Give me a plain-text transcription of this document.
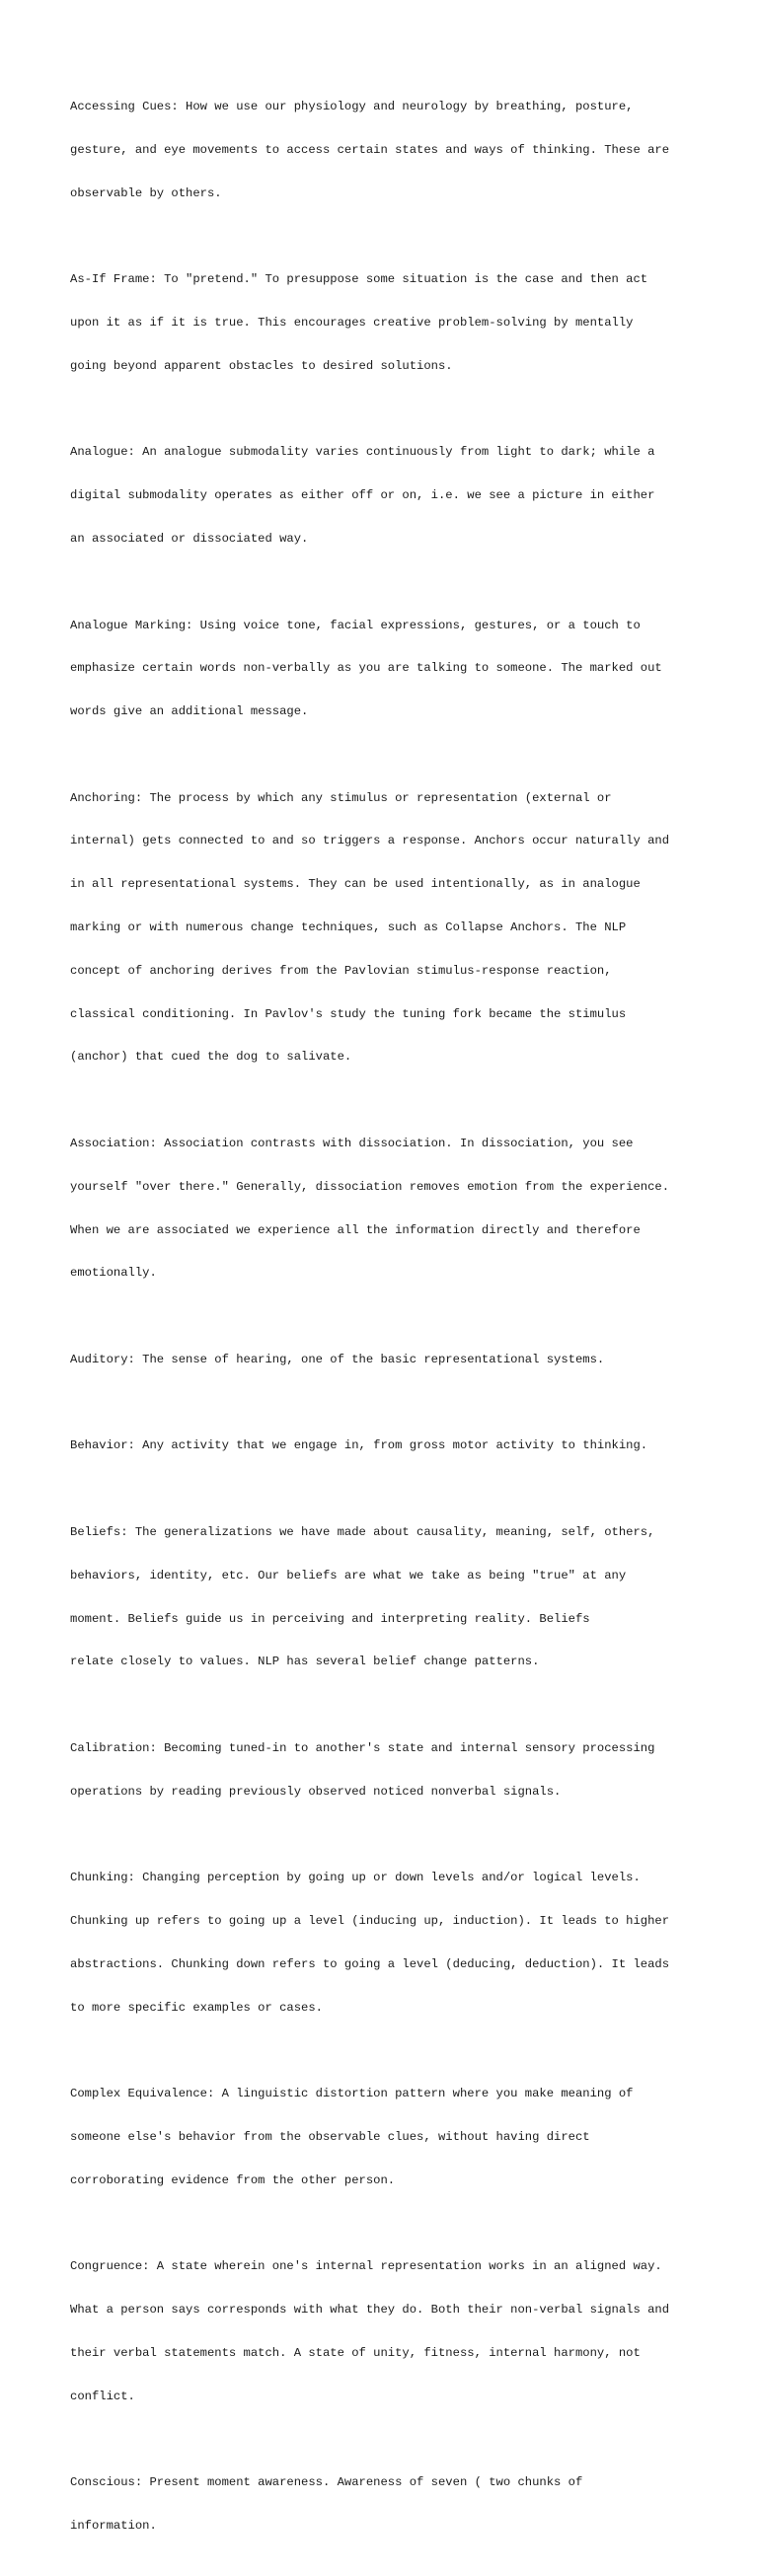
Accessing Cues: How we use our physiology and neurology by breathing, posture,

gesture, and eye movements to access certain states and ways of thinking. These are

observable by others.

As-If Frame: To "pretend." To presuppose some situation is the case and then act

upon it as if it is true. This encourages creative problem-solving by mentally

going beyond apparent obstacles to desired solutions.

Analogue: An analogue submodality varies continuously from light to dark; while a

digital submodality operates as either off or on, i.e. we see a picture in either

an associated or dissociated way.

Analogue Marking: Using voice tone, facial expressions, gestures, or a touch to

emphasize certain words non-verbally as you are talking to someone. The marked out

words give an additional message.

Anchoring: The process by which any stimulus or representation (external or

internal) gets connected to and so triggers a response. Anchors occur naturally and

in all representational systems. They can be used intentionally, as in analogue

marking or with numerous change techniques, such as Collapse Anchors. The NLP

concept of anchoring derives from the Pavlovian stimulus-response reaction,

classical conditioning. In Pavlov's study the tuning fork became the stimulus

(anchor) that cued the dog to salivate.

Association: Association contrasts with dissociation. In dissociation, you see

yourself "over there." Generally, dissociation removes emotion from the experience.

When we are associated we experience all the information directly and therefore

emotionally.

Auditory: The sense of hearing, one of the basic representational systems.

Behavior: Any activity that we engage in, from gross motor activity to thinking.

Beliefs: The generalizations we have made about causality, meaning, self, others,

behaviors, identity, etc. Our beliefs are what we take as being "true" at any

moment. Beliefs guide us in perceiving and interpreting reality. Beliefs

relate closely to values. NLP has several belief change patterns.

Calibration: Becoming tuned-in to another's state and internal sensory processing

operations by reading previously observed noticed nonverbal signals.

Chunking: Changing perception by going up or down levels and/or logical levels.

Chunking up refers to going up a level (inducing up, induction). It leads to higher

abstractions. Chunking down refers to going a level (deducing, deduction). It leads

to more specific examples or cases.

Complex Equivalence: A linguistic distortion pattern where you make meaning of

someone else's behavior from the observable clues, without having direct

corroborating evidence from the other person.

Congruence: A state wherein one's internal representation works in an aligned way.

What a person says corresponds with what they do. Both their non-verbal signals and

their verbal statements match. A state of unity, fitness, internal harmony, not

conflict.

Conscious: Present moment awareness. Awareness of seven ( two chunks of

information.
